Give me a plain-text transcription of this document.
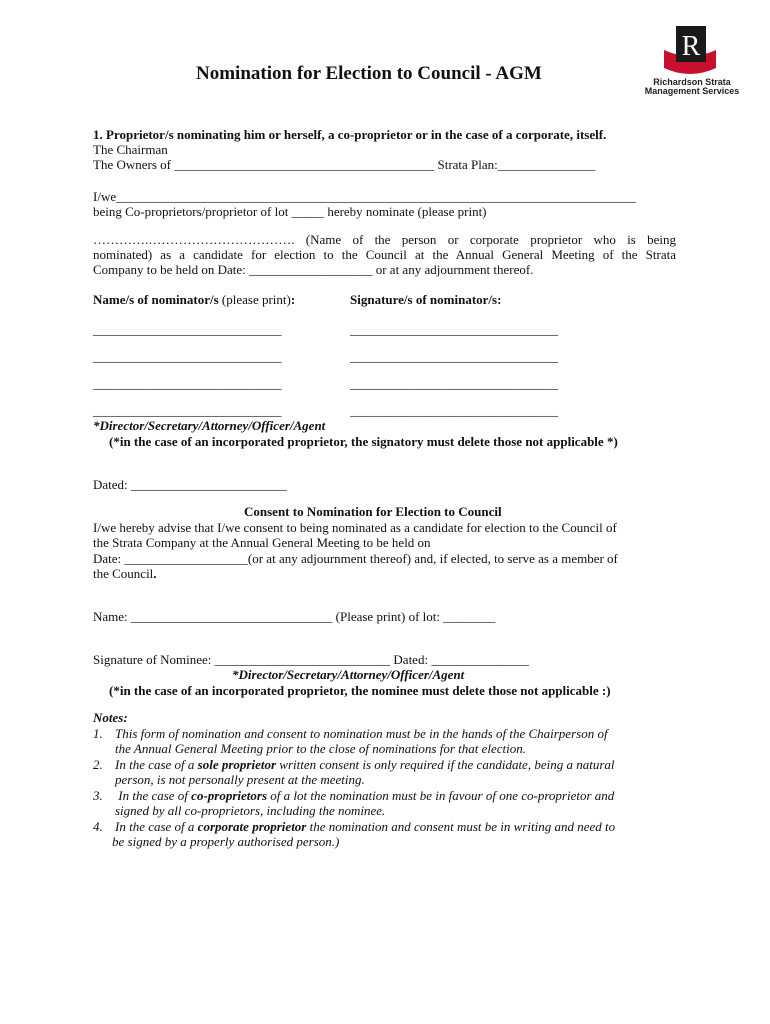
R
Richardson Strata
Management Services
Nomination for Election to Council - AGM
1. Proprietor/s nominating him or herself, a co-proprietor or in the case of a corporate, itself.
The Chairman
The Owners of ________________________________________ Strata Plan:_______________
I/we________________________________________________________________________________
being Co-proprietors/proprietor of lot _____ hereby nominate (please print)
………….……………………………. (Name of the person or corporate proprietor who is being
nominated) as a candidate for election to the Council at the Annual General Meeting of the Strata
Company to be held on Date: ___________________ or at any adjournment thereof.
Name/s of nominator/s (please print):	Signature/s of nominator/s:
_____________________________	________________________________
_____________________________	________________________________
_____________________________	________________________________
_____________________________	________________________________
*Director/Secretary/Attorney/Officer/Agent
(*in the case of an incorporated proprietor, the signatory must delete those not applicable *)
Dated: ________________________
Consent to Nomination for Election to Council
I/we hereby advise that I/we consent to being nominated as a candidate for election to the Council of
the Strata Company at the Annual General Meeting to be held on
Date: ___________________(or at any adjournment thereof) and, if elected, to serve as a member of
the Council.
Name: _______________________________ (Please print) of lot: ________
Signature of Nominee: ___________________________ Dated: _______________
*Director/Secretary/Attorney/Officer/Agent
(*in the case of an incorporated proprietor, the nominee must delete those not applicable :)
Notes:
1. This form of nomination and consent to nomination must be in the hands of the Chairperson of
the Annual General Meeting prior to the close of nominations for that election.
2. In the case of a sole proprietor written consent is only required if the candidate, being a natural
person, is not personally present at the meeting.
3. In the case of co-proprietors of a lot the nomination must be in favour of one co-proprietor and
signed by all co-proprietors, including the nominee.
4. In the case of a corporate proprietor the nomination and consent must be in writing and need to
be signed by a properly authorised person.)
